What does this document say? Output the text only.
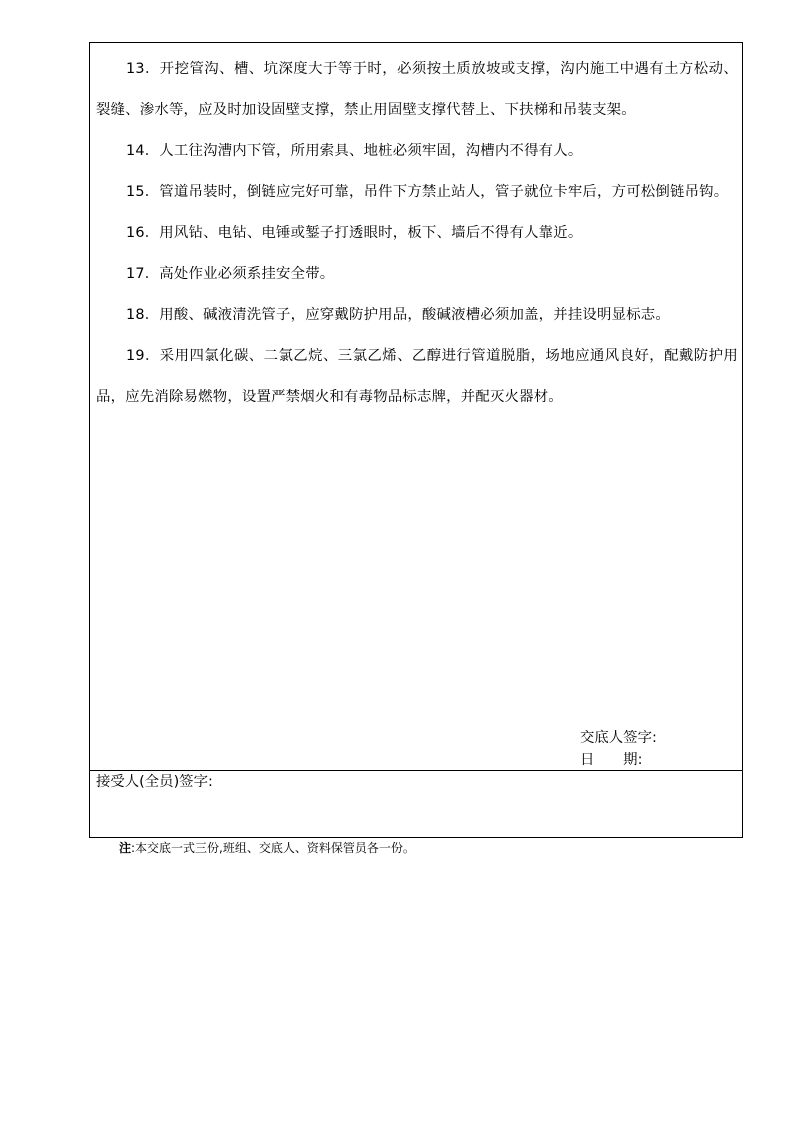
13．开挖管沟、槽、坑深度大于等于时，必须按土质放坡或支撑，沟内施工中遇有土方松动、裂缝、渗水等，应及时加设固壁支撑，禁止用固壁支撑代替上、下扶梯和吊装支架。

14．人工往沟漕内下管，所用索具、地桩必须牢固，沟槽内不得有人。

15．管道吊装时，倒链应完好可靠，吊件下方禁止站人，管子就位卡牢后，方可松倒链吊钩。

16．用风钻、电钻、电锤或錾子打透眼时，板下、墙后不得有人靠近。

17．高处作业必须系挂安全带。

18．用酸、碱液清洗管子，应穿戴防护用品，酸碱液槽必须加盖，并挂设明显标志。

19．采用四氯化碳、二氯乙烷、三氯乙烯、乙醇进行管道脱脂，场地应通风良好，配戴防护用品，应先消除易燃物，设置严禁烟火和有毒物品标志牌，并配灭火器材。

交底人签字:
日　　期:
接受人(全员)签字:
注:本交底一式三份,班组、交底人、资料保管员各一份。
